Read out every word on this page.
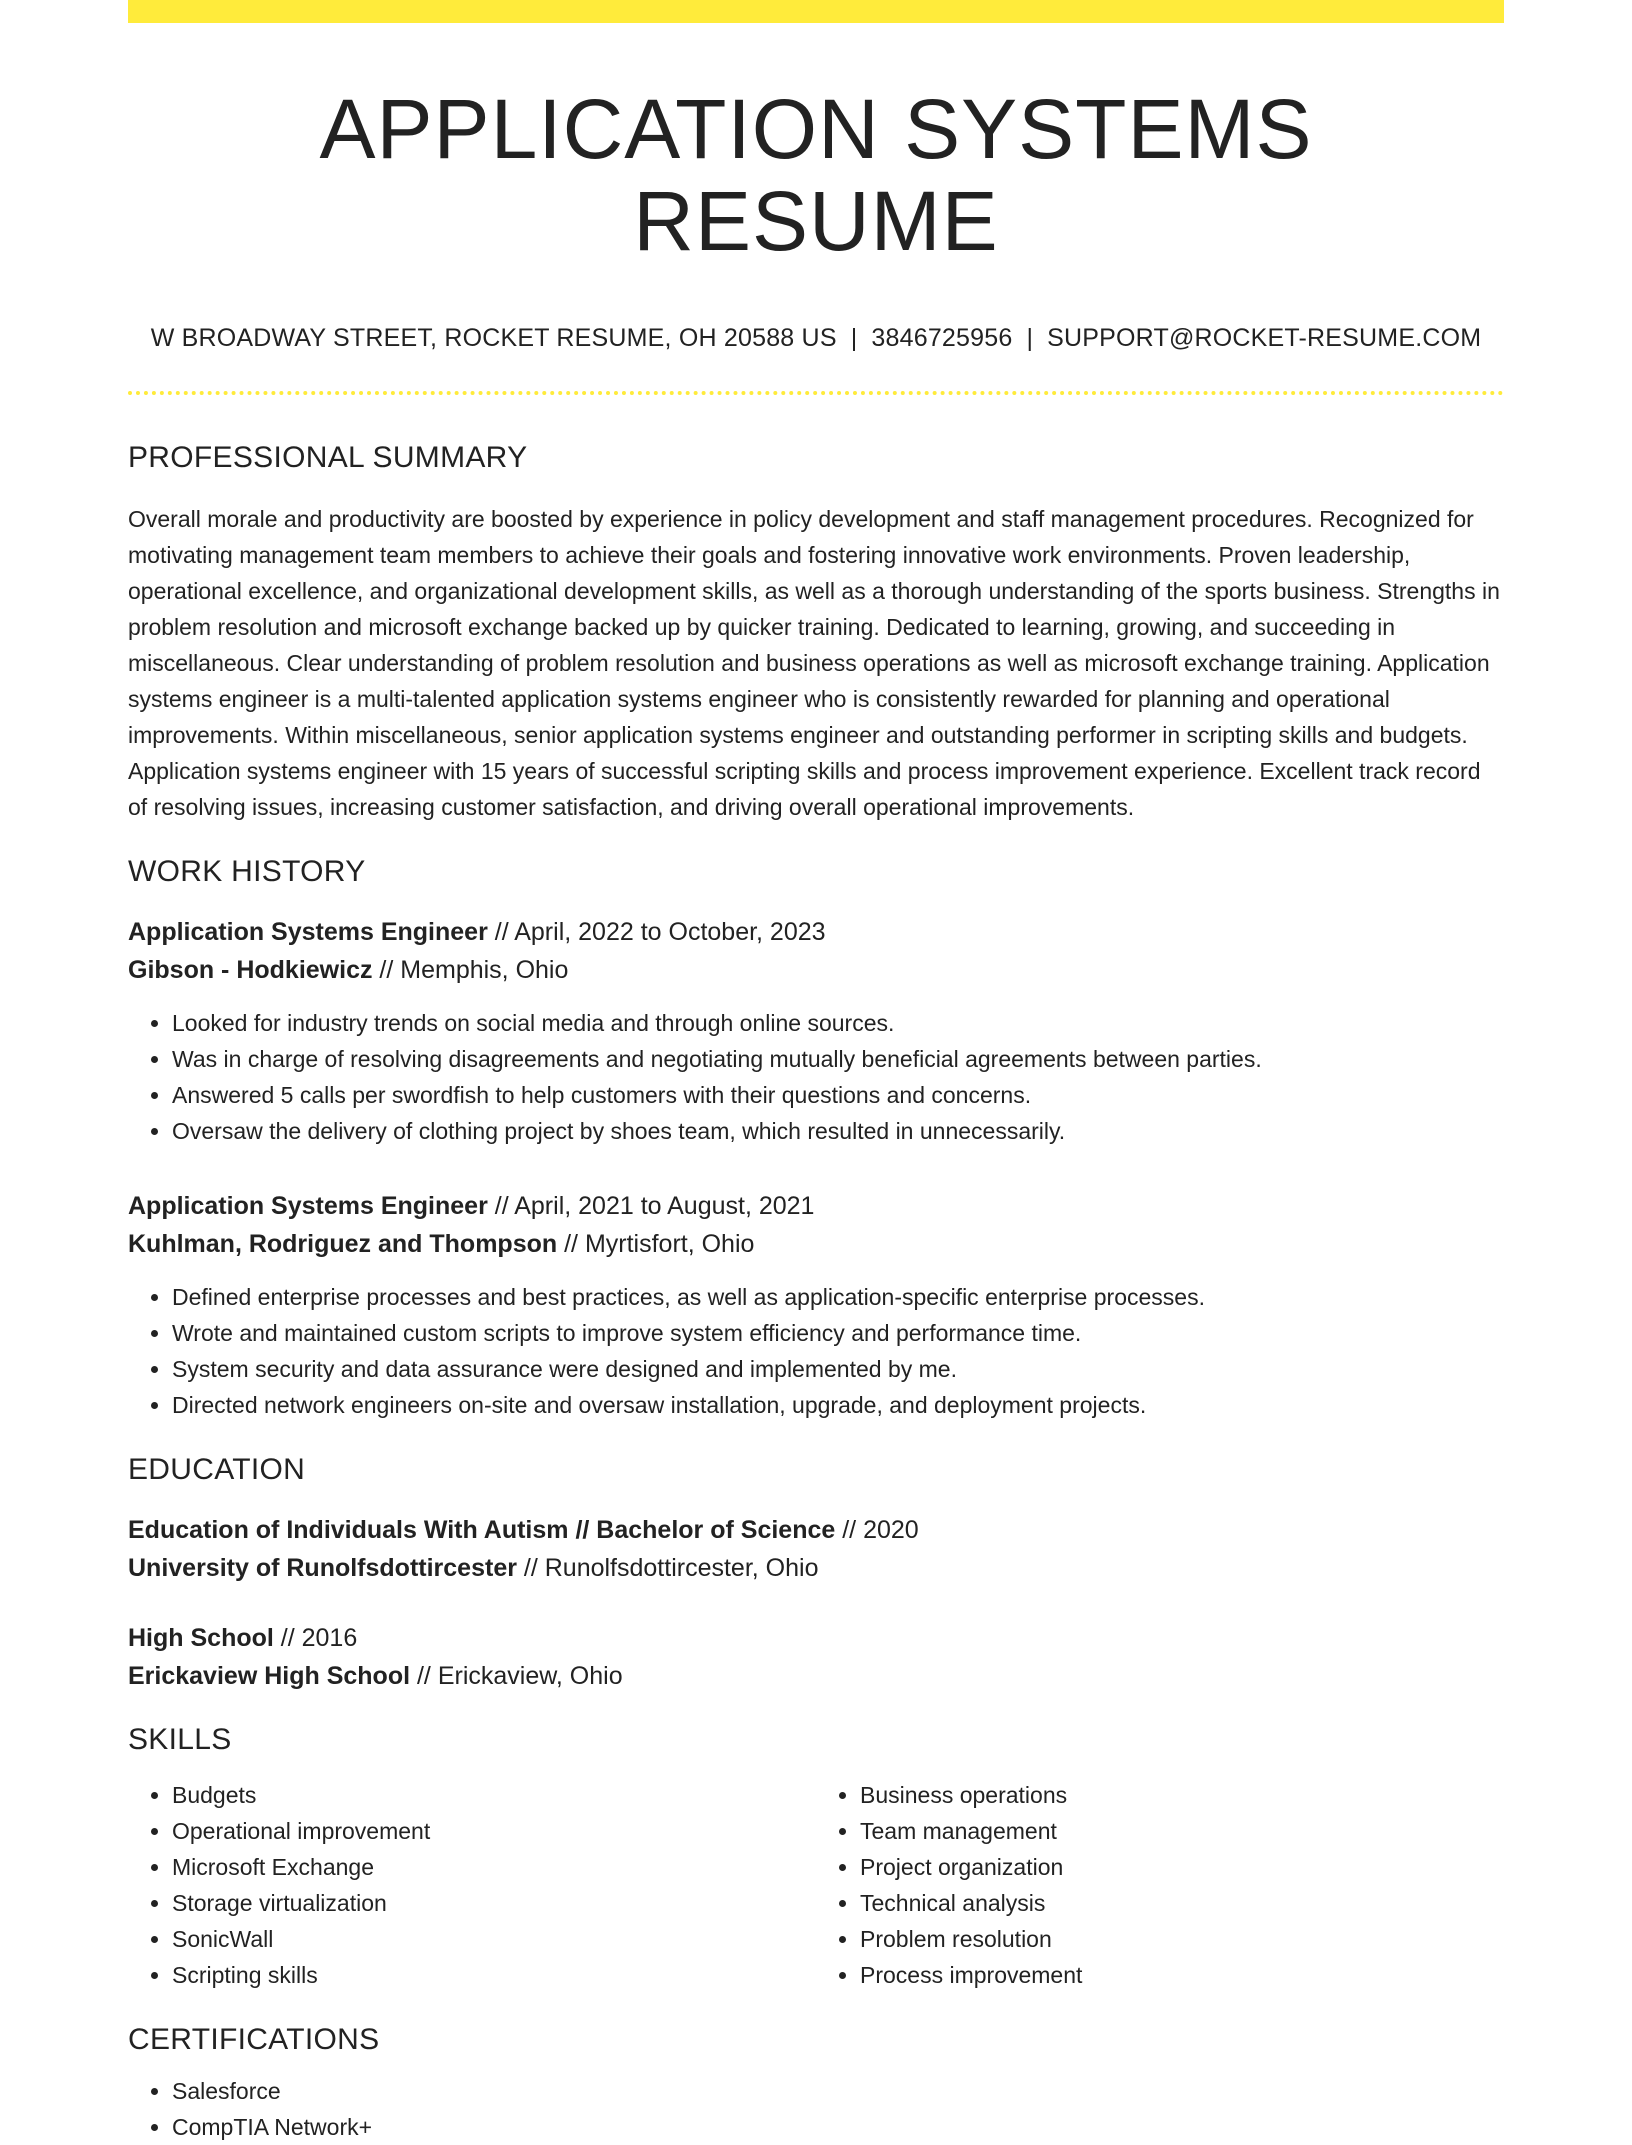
APPLICATION SYSTEMS RESUME
W BROADWAY STREET, ROCKET RESUME, OH 20588 US | 3846725956 | SUPPORT@ROCKET-RESUME.COM
PROFESSIONAL SUMMARY

Overall morale and productivity are boosted by experience in policy development and staff management procedures. Recognized for motivating management team members to achieve their goals and fostering innovative work environments. Proven leadership, operational excellence, and organizational development skills, as well as a thorough understanding of the sports business. Strengths in problem resolution and microsoft exchange backed up by quicker training. Dedicated to learning, growing, and succeeding in miscellaneous. Clear understanding of problem resolution and business operations as well as microsoft exchange training. Application systems engineer is a multi-talented application systems engineer who is consistently rewarded for planning and operational improvements. Within miscellaneous, senior application systems engineer and outstanding performer in scripting skills and budgets. Application systems engineer with 15 years of successful scripting skills and process improvement experience. Excellent track record of resolving issues, increasing customer satisfaction, and driving overall operational improvements.

WORK HISTORY
Application Systems Engineer // April, 2022 to October, 2023
Gibson - Hodkiewicz // Memphis, Ohio
• Looked for industry trends on social media and through online sources.
• Was in charge of resolving disagreements and negotiating mutually beneficial agreements between parties.
• Answered 5 calls per swordfish to help customers with their questions and concerns.
• Oversaw the delivery of clothing project by shoes team, which resulted in unnecessarily.
Application Systems Engineer // April, 2021 to August, 2021
Kuhlman, Rodriguez and Thompson // Myrtisfort, Ohio
• Defined enterprise processes and best practices, as well as application-specific enterprise processes.
• Wrote and maintained custom scripts to improve system efficiency and performance time.
• System security and data assurance were designed and implemented by me.
• Directed network engineers on-site and oversaw installation, upgrade, and deployment projects.
EDUCATION
Education of Individuals With Autism // Bachelor of Science // 2020
University of Runolfsdottircester // Runolfsdottircester, Ohio
High School // 2016
Erickaview High School // Erickaview, Ohio
SKILLS
• Budgets
• Operational improvement
• Microsoft Exchange
• Storage virtualization
• SonicWall
• Scripting skills
• Business operations
• Team management
• Project organization
• Technical analysis
• Problem resolution
• Process improvement
CERTIFICATIONS
• Salesforce
• CompTIA Network+
